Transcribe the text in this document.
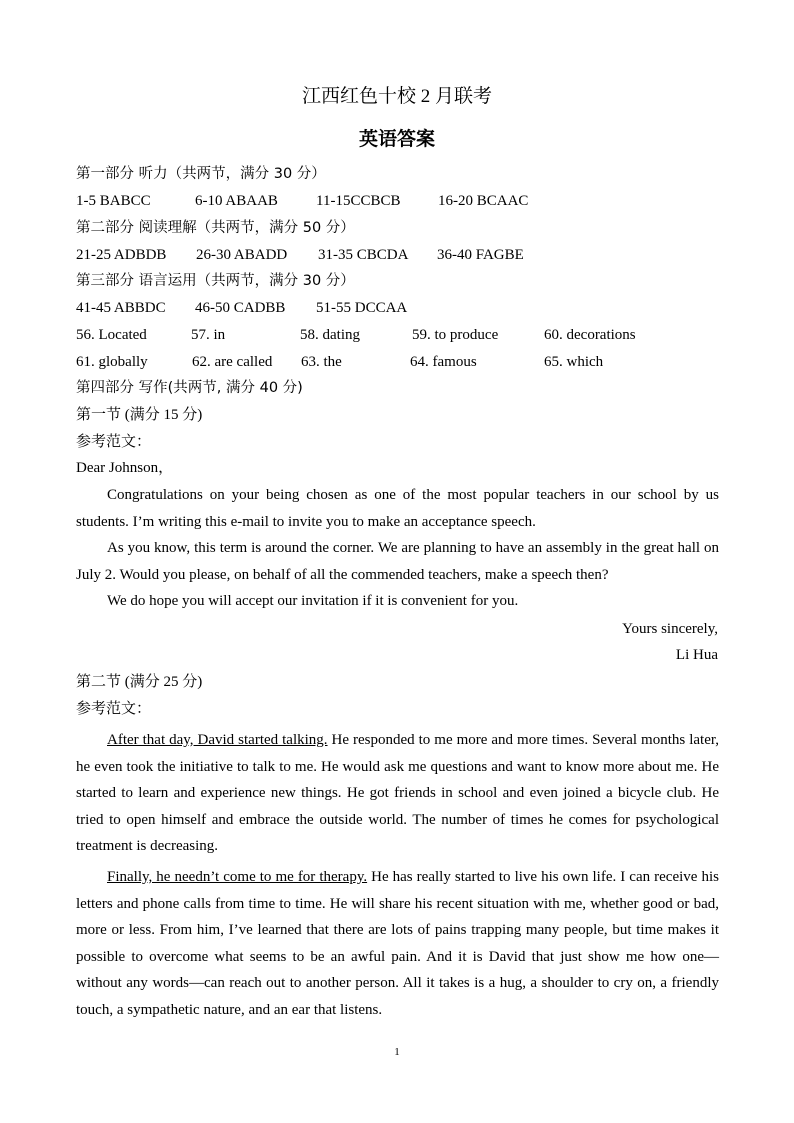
江西红色十校 2 月联考
英语答案
第一部分 听力（共两节，满分 30 分）
1-5 BABCC	6-10 ABAAB	11-15CCBCB	16-20 BCAAC
第二部分 阅读理解（共两节，满分 50 分）
21-25 ADBDB 26-30 ABADD 31-35 CBCDA 36-40 FAGBE
第三部分 语言运用（共两节，满分 30 分）
41-45 ABBDC 46-50 CADBB 51-55 DCCAA
56. Located	57. in	58. dating	59. to produce	60. decorations
61. globally	62. are called 63. the	64. famous	65. which
第四部分 写作(共两节, 满分 40 分)
第一节 (满分 15 分)
参考范文：
Dear Johnson，
Congratulations on your being chosen as one of the most popular teachers in our school by us students. I’m writing this e-mail to invite you to make an acceptance speech.
As you know, this term is around the corner. We are planning to have an assembly in the great hall on July 2. Would you please, on behalf of all the commended teachers, make a speech then?
We do hope you will accept our invitation if it is convenient for you.
Yours sincerely,
Li Hua
第二节 (满分 25 分)
参考范文：
After that day, David started talking. He responded to me more and more times. Several months later, he even took the initiative to talk to me. He would ask me questions and want to know more about me. He started to learn and experience new things. He got friends in school and even joined a bicycle club. He tried to open himself and embrace the outside world. The number of times he comes for psychological treatment is decreasing.
Finally, he needn’t come to me for therapy. He has really started to live his own life. I can receive his letters and phone calls from time to time. He will share his recent situation with me, whether good or bad, more or less. From him, I’ve learned that there are lots of pains trapping many people, but time makes it possible to overcome what seems to be an awful pain. And it is David that just show me how one—without any words—can reach out to another person. All it takes is a hug, a shoulder to cry on, a friendly touch, a sympathetic nature, and an ear that listens.
1
